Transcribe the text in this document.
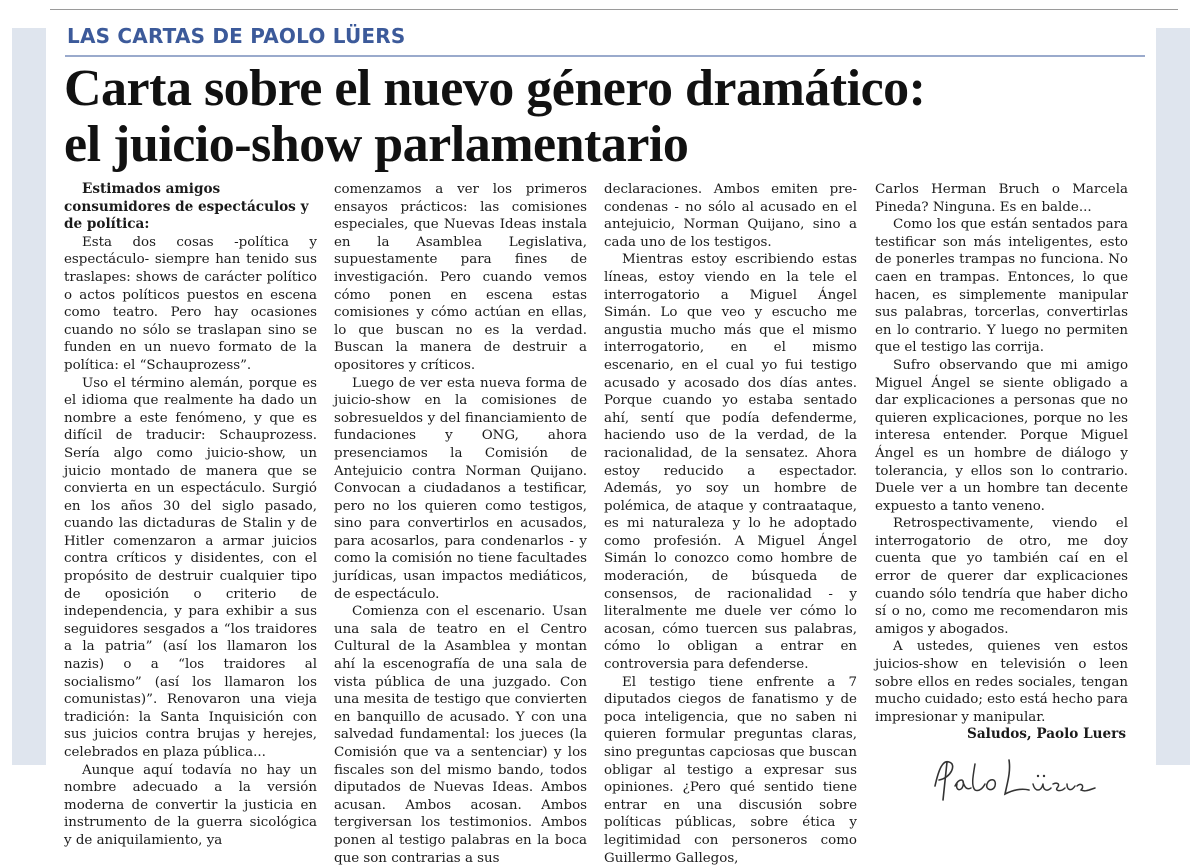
LAS CARTAS DE PAOLO LÜERS
Carta sobre el nuevo género dramático:
el juicio-show parlamentario

Estimados amigos consumidores de espectáculos y de política:

Esta dos cosas -política y espectáculo- siempre han tenido sus traslapes: shows de carácter político o actos políticos puestos en escena como teatro. Pero hay ocasiones cuando no sólo se traslapan sino se funden en un nuevo formato de la política: el “Schauprozess”.

Uso el término alemán, porque es el idioma que realmente ha dado un nombre a este fenómeno, y que es difícil de traducir: Schauprozess. Sería algo como juicio-show, un juicio montado de manera que se convierta en un espectáculo. Surgió en los años 30 del siglo pasado, cuando las dictaduras de Stalin y de Hitler comenzaron a armar juicios contra críticos y disidentes, con el propósito de destruir cualquier tipo de oposición o criterio de independencia, y para exhibir a sus seguidores sesgados a “los traidores a la patria” (así los llamaron los nazis) o a “los traidores al socialismo” (así los llamaron los comunistas)”. Renovaron una vieja tradición: la Santa Inquisición con sus juicios contra brujas y herejes, celebrados en plaza pública...

Aunque aquí todavía no hay un nombre adecuado a la versión moderna de convertir la justicia en instrumento de la guerra sicológica y de aniquilamiento, ya

comenzamos a ver los primeros ensayos prácticos: las comisiones especiales, que Nuevas Ideas instala en la Asamblea Legislativa, supuestamente para fines de investigación. Pero cuando vemos cómo ponen en escena estas comisiones y cómo actúan en ellas, lo que buscan no es la verdad. Buscan la manera de destruir a opositores y críticos.

Luego de ver esta nueva forma de juicio-show en la comisiones de sobresueldos y del financiamiento de fundaciones y ONG, ahora presenciamos la Comisión de Antejuicio contra Norman Quijano. Convocan a ciudadanos a testificar, pero no los quieren como testigos, sino para convertirlos en acusados, para acosarlos, para condenarlos - y como la comisión no tiene facultades jurídicas, usan impactos mediáticos, de espectáculo.

Comienza con el escenario. Usan una sala de teatro en el Centro Cultural de la Asamblea y montan ahí la escenografía de una sala de vista pública de una juzgado. Con una mesita de testigo que convierten en banquillo de acusado. Y con una salvedad fundamental: los jueces (la Comisión que va a sentenciar) y los fiscales son del mismo bando, todos diputados de Nuevas Ideas. Ambos acusan. Ambos acosan. Ambos tergiversan los testimonios. Ambos ponen al testigo palabras en la boca que son contrarias a sus

declaraciones. Ambos emiten pre-condenas - no sólo al acusado en el antejuicio, Norman Quijano, sino a cada uno de los testigos.

Mientras estoy escribiendo estas líneas, estoy viendo en la tele el interrogatorio a Miguel Ángel Simán. Lo que veo y escucho me angustia mucho más que el mismo interrogatorio, en el mismo escenario, en el cual yo fui testigo acusado y acosado dos días antes. Porque cuando yo estaba sentado ahí, sentí que podía defenderme, haciendo uso de la verdad, de la racionalidad, de la sensatez. Ahora estoy reducido a espectador. Además, yo soy un hombre de polémica, de ataque y contraataque, es mi naturaleza y lo he adoptado como profesión. A Miguel Ángel Simán lo conozco como hombre de moderación, de búsqueda de consensos, de racionalidad - y literalmente me duele ver cómo lo acosan, cómo tuercen sus palabras, cómo lo obligan a entrar en controversia para defenderse.

El testigo tiene enfrente a 7 diputados ciegos de fanatismo y de poca inteligencia, que no saben ni quieren formular preguntas claras, sino preguntas capciosas que buscan obligar al testigo a expresar sus opiniones. ¿Pero qué sentido tiene entrar en una discusión sobre políticas públicas, sobre ética y legitimidad con personeros como Guillermo Gallegos,

Carlos Herman Bruch o Marcela Pineda? Ninguna. Es en balde...

Como los que están sentados para testificar son más inteligentes, esto de ponerles trampas no funciona. No caen en trampas. Entonces, lo que hacen, es simplemente manipular sus palabras, torcerlas, convertirlas en lo contrario. Y luego no permiten que el testigo las corrija.

Sufro observando que mi amigo Miguel Ángel se siente obligado a dar explicaciones a personas que no quieren explicaciones, porque no les interesa entender. Porque Miguel Ángel es un hombre de diálogo y tolerancia, y ellos son lo contrario. Duele ver a un hombre tan decente expuesto a tanto veneno.

Retrospectivamente, viendo el interrogatorio de otro, me doy cuenta que yo también caí en el error de querer dar explicaciones cuando sólo tendría que haber dicho sí o no, como me recomendaron mis amigos y abogados.

A ustedes, quienes ven estos juicios-show en televisión o leen sobre ellos en redes sociales, tengan mucho cuidado; esto está hecho para impresionar y manipular.

Saludos, Paolo Luers
